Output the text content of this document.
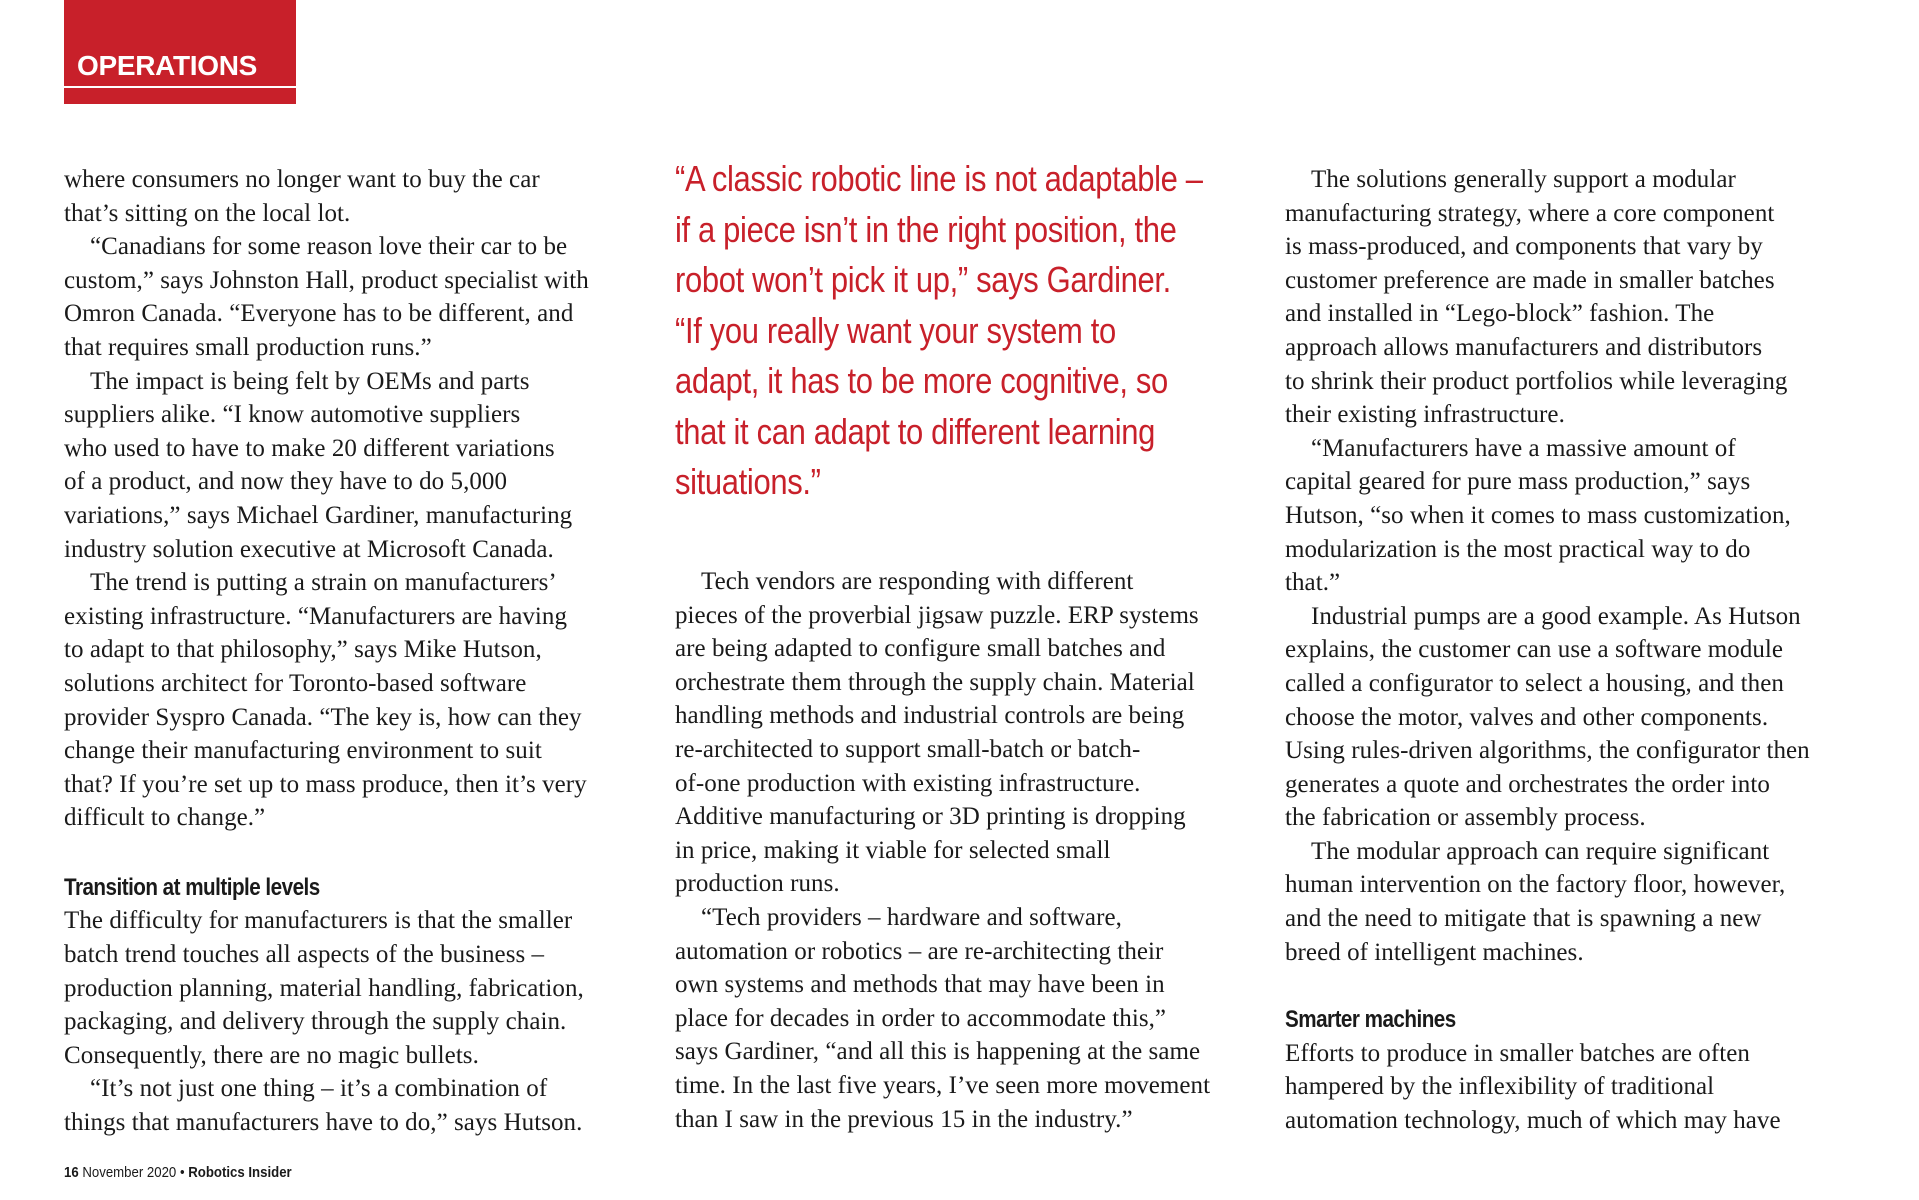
OPERATIONS

where consumers no longer want to buy the car

that’s sitting on the local lot.

“Canadians for some reason love their car to be

custom,” says Johnston Hall, product specialist with

Omron Canada. “Everyone has to be different, and

that requires small production runs.”

The impact is being felt by OEMs and parts

suppliers alike. “I know automotive suppliers

who used to have to make 20 different variations

of a product, and now they have to do 5,000

variations,” says Michael Gardiner, manufacturing

industry solution executive at Microsoft Canada.

The trend is putting a strain on manufacturers’

existing infrastructure. “Manufacturers are having

to adapt to that philosophy,” says Mike Hutson,

solutions architect for Toronto-based software

provider Syspro Canada. “The key is, how can they

change their manufacturing environment to suit

that? If you’re set up to mass produce, then it’s very

difficult to change.”

Transition at multiple levels

The difficulty for manufacturers is that the smaller

batch trend touches all aspects of the business –

production planning, material handling, fabrication,

packaging, and delivery through the supply chain.

Consequently, there are no magic bullets.

“It’s not just one thing – it’s a combination of

things that manufacturers have to do,” says Hutson.

“A classic robotic line is not adaptable –

if a piece isn’t in the right position, the

robot won’t pick it up,” says Gardiner.

“If you really want your system to

adapt, it has to be more cognitive, so

that it can adapt to different learning

situations.”

Tech vendors are responding with different

pieces of the proverbial jigsaw puzzle. ERP systems

are being adapted to configure small batches and

orchestrate them through the supply chain. Material

handling methods and industrial controls are being

re-architected to support small-batch or batch-

of-one production with existing infrastructure.

Additive manufacturing or 3D printing is dropping

in price, making it viable for selected small

production runs.

“Tech providers – hardware and software,

automation or robotics – are re-architecting their

own systems and methods that may have been in

place for decades in order to accommodate this,”

says Gardiner, “and all this is happening at the same

time. In the last five years, I’ve seen more movement

than I saw in the previous 15 in the industry.”

The solutions generally support a modular

manufacturing strategy, where a core component

is mass-produced, and components that vary by

customer preference are made in smaller batches

and installed in “Lego-block” fashion. The

approach allows manufacturers and distributors

to shrink their product portfolios while leveraging

their existing infrastructure.

“Manufacturers have a massive amount of

capital geared for pure mass production,” says

Hutson, “so when it comes to mass customization,

modularization is the most practical way to do

that.”

Industrial pumps are a good example. As Hutson

explains, the customer can use a software module

called a configurator to select a housing, and then

choose the motor, valves and other components.

Using rules-driven algorithms, the configurator then

generates a quote and orchestrates the order into

the fabrication or assembly process.

The modular approach can require significant

human intervention on the factory floor, however,

and the need to mitigate that is spawning a new

breed of intelligent machines.

Smarter machines

Efforts to produce in smaller batches are often

hampered by the inflexibility of traditional

automation technology, much of which may have

16 November 2020 • Robotics Insider
